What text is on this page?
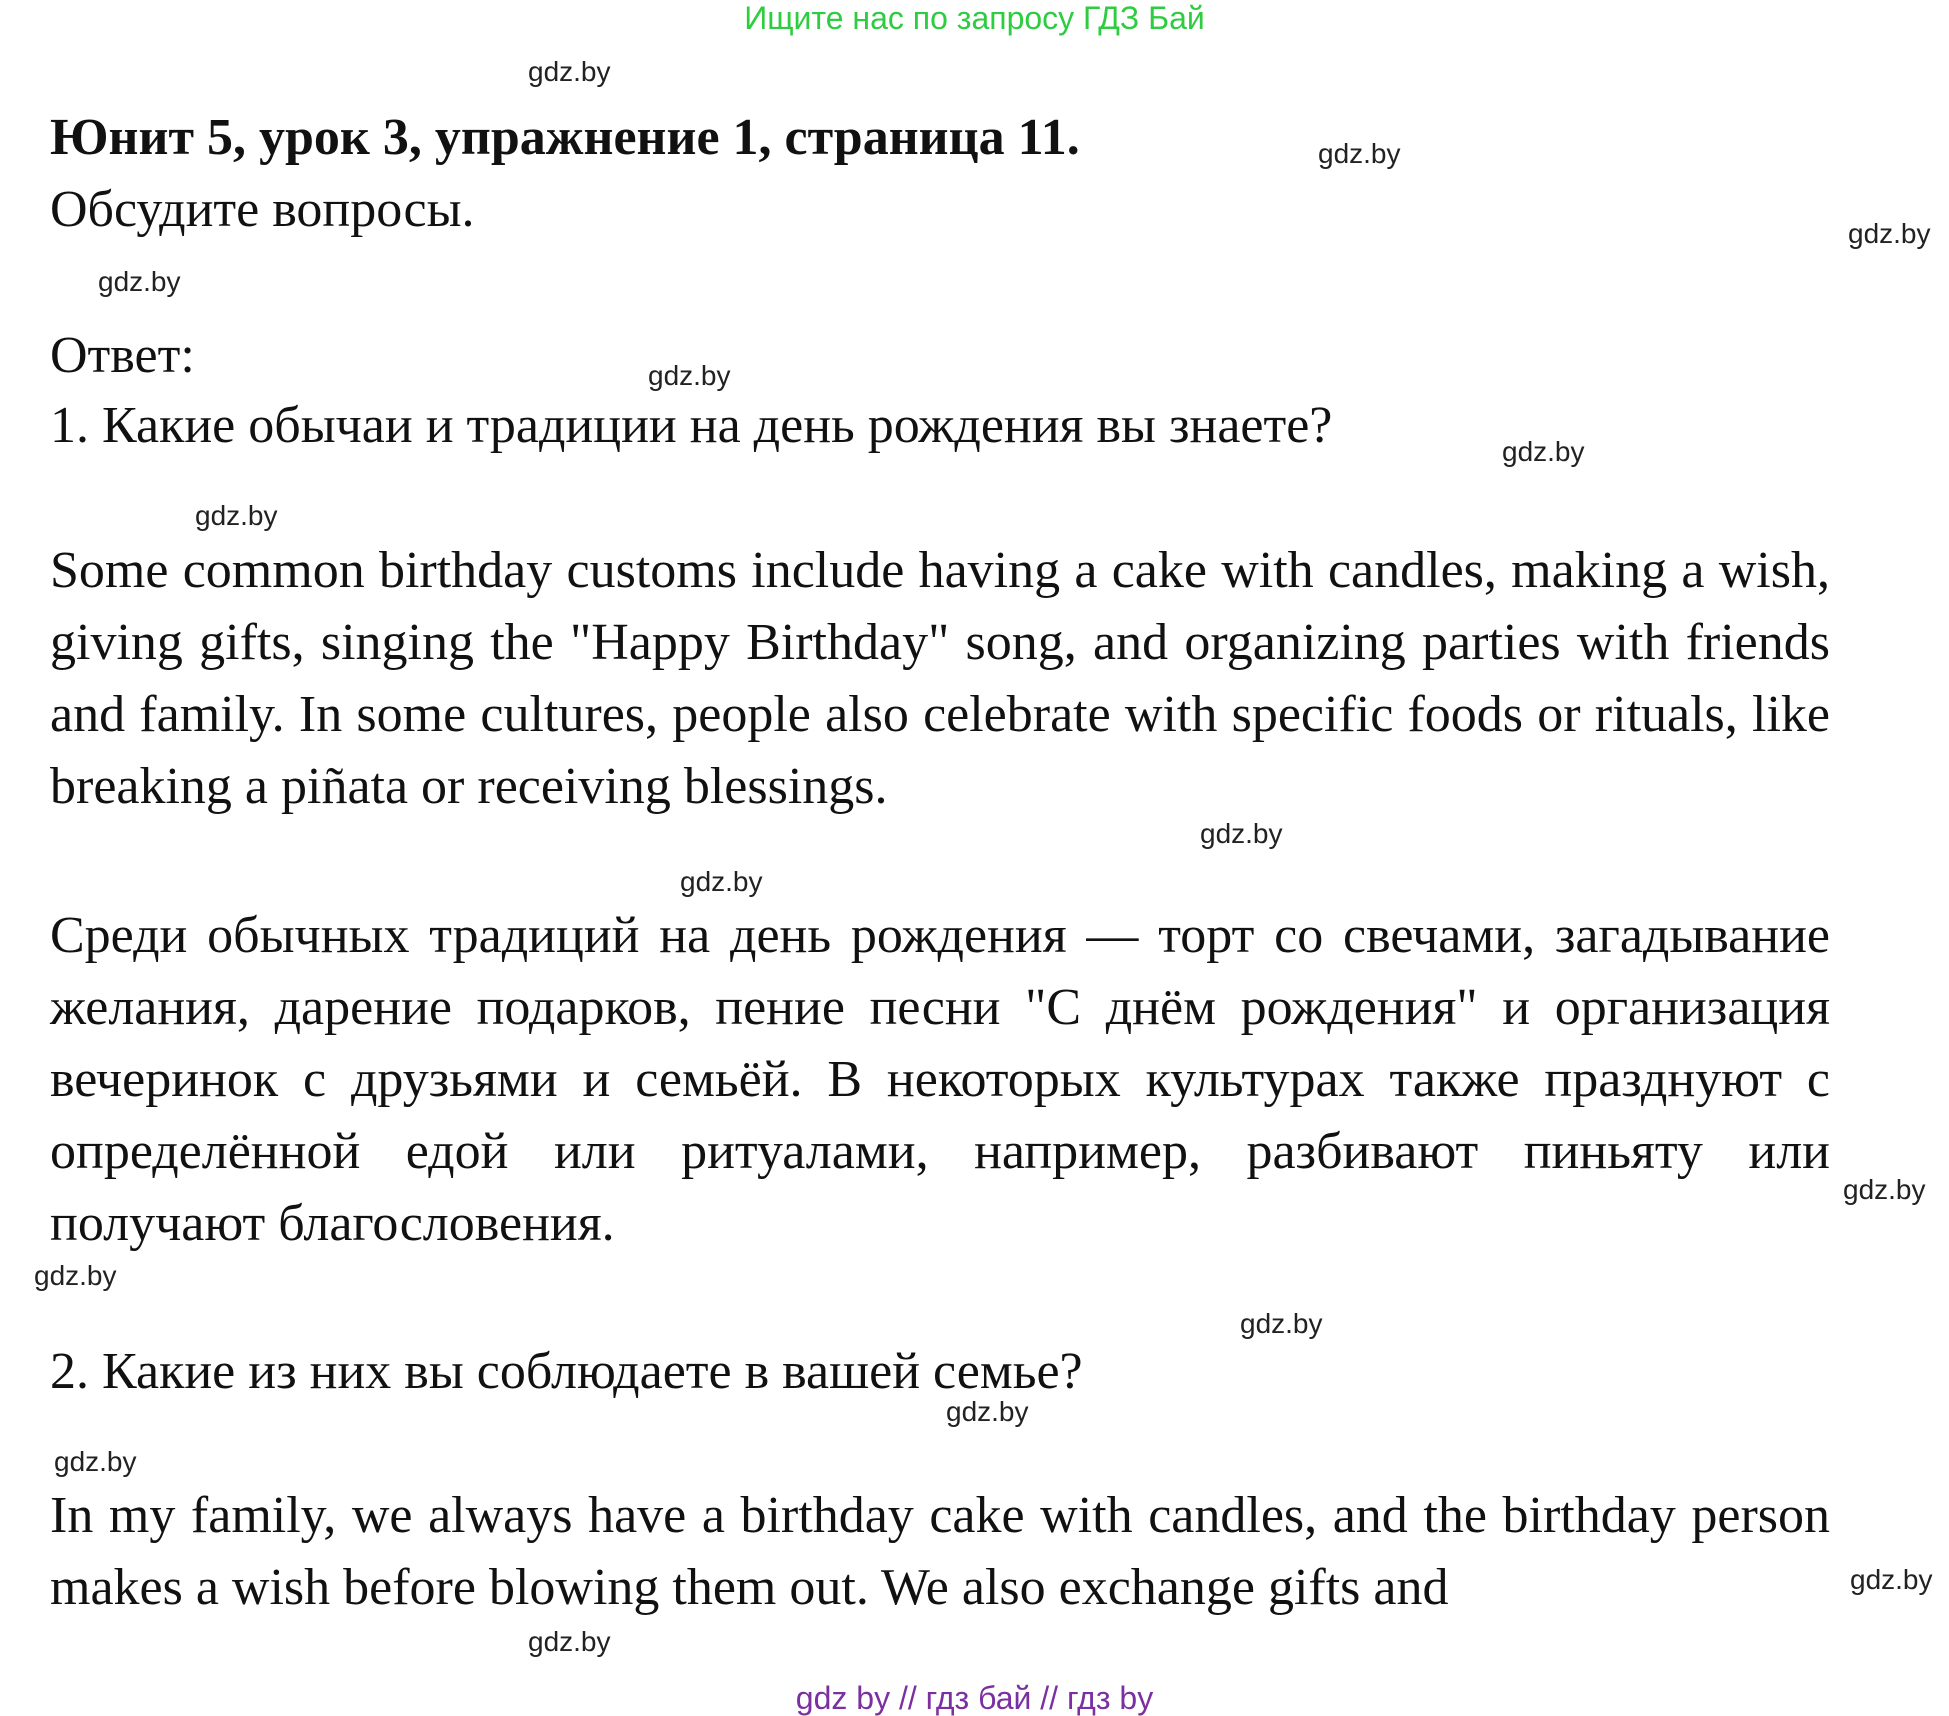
Ищите нас по запросу ГДЗ Бай
Юнит 5, урок 3, упражнение 1, страница 11.
Обсудите вопросы.
Ответ:
1. Какие обычаи и традиции на день рождения вы знаете?
Some common birthday customs include having a cake with candles, making a wish, giving gifts, singing the "Happy Birthday" song, and organizing parties with friends and family. In some cultures, people also celebrate with specific foods or rituals, like breaking a piñata or receiving blessings.
Среди обычных традиций на день рождения — торт со свечами, загадывание желания, дарение подарков, пение песни "С днём рождения" и организация вечеринок с друзьями и семьёй. В некоторых культурах также празднуют с определённой едой или ритуалами, например, разбивают пиньяту или получают благословения.
2. Какие из них вы соблюдаете в вашей семье?
In my family, we always have a birthday cake with candles, and the birthday person makes a wish before blowing them out. We also exchange gifts and
gdz.by
gdz.by
gdz.by
gdz.by
gdz.by
gdz.by
gdz.by
gdz.by
gdz.by
gdz.by
gdz.by
gdz.by
gdz.by
gdz.by
gdz.by
gdz.by
gdz by // гдз бай // гдз by
